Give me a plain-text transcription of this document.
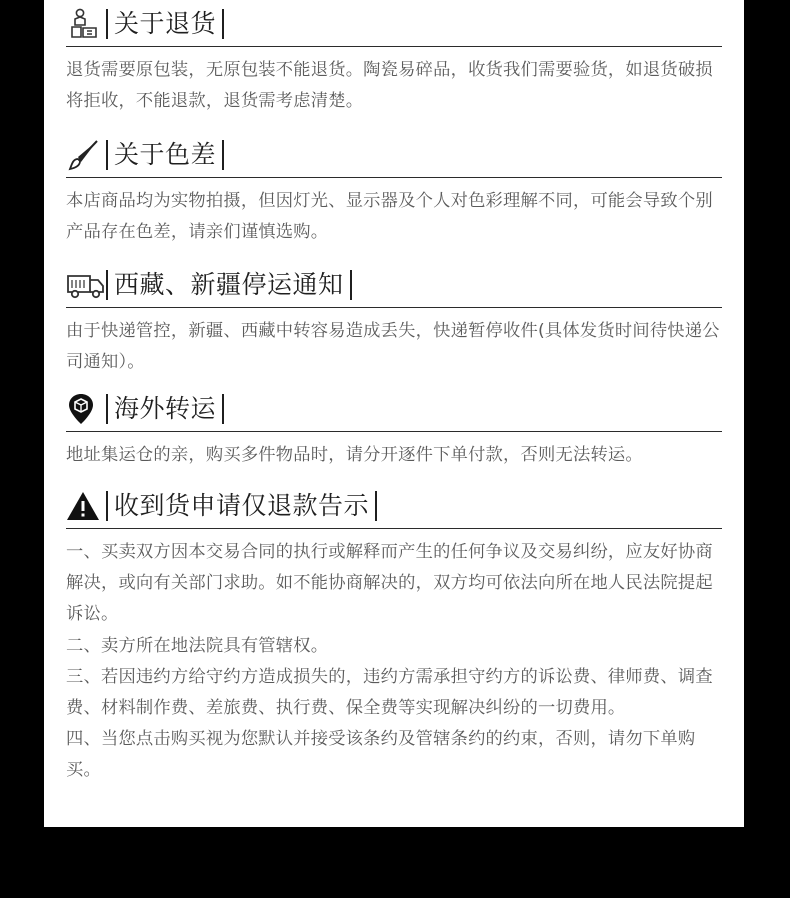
关于退货

退货需要原包装，无原包装不能退货。陶瓷易碎品，收货我们需要验货，如退货破损将拒收，不能退款，退货需考虑清楚。

关于色差

本店商品均为实物拍摄，但因灯光、显示器及个人对色彩理解不同，可能会导致个别产品存在色差，请亲们谨慎选购。

西藏、新疆停运通知

由于快递管控，新疆、西藏中转容易造成丢失，快递暂停收件(具体发货时间待快递公司通知）。

海外转运

地址集运仓的亲，购买多件物品时，请分开逐件下单付款，否则无法转运。

收到货申请仅退款告示

一、买卖双方因本交易合同的执行或解释而产生的任何争议及交易纠纷，应友好协商解决，或向有关部门求助。如不能协商解决的，双方均可依法向所在地人民法院提起诉讼。

二、卖方所在地法院具有管辖权。

三、若因违约方给守约方造成损失的，违约方需承担守约方的诉讼费、律师费、调查费、材料制作费、差旅费、执行费、保全费等实现解决纠纷的一切费用。

四、当您点击购买视为您默认并接受该条约及管辖条约的约束，否则，请勿下单购买。
